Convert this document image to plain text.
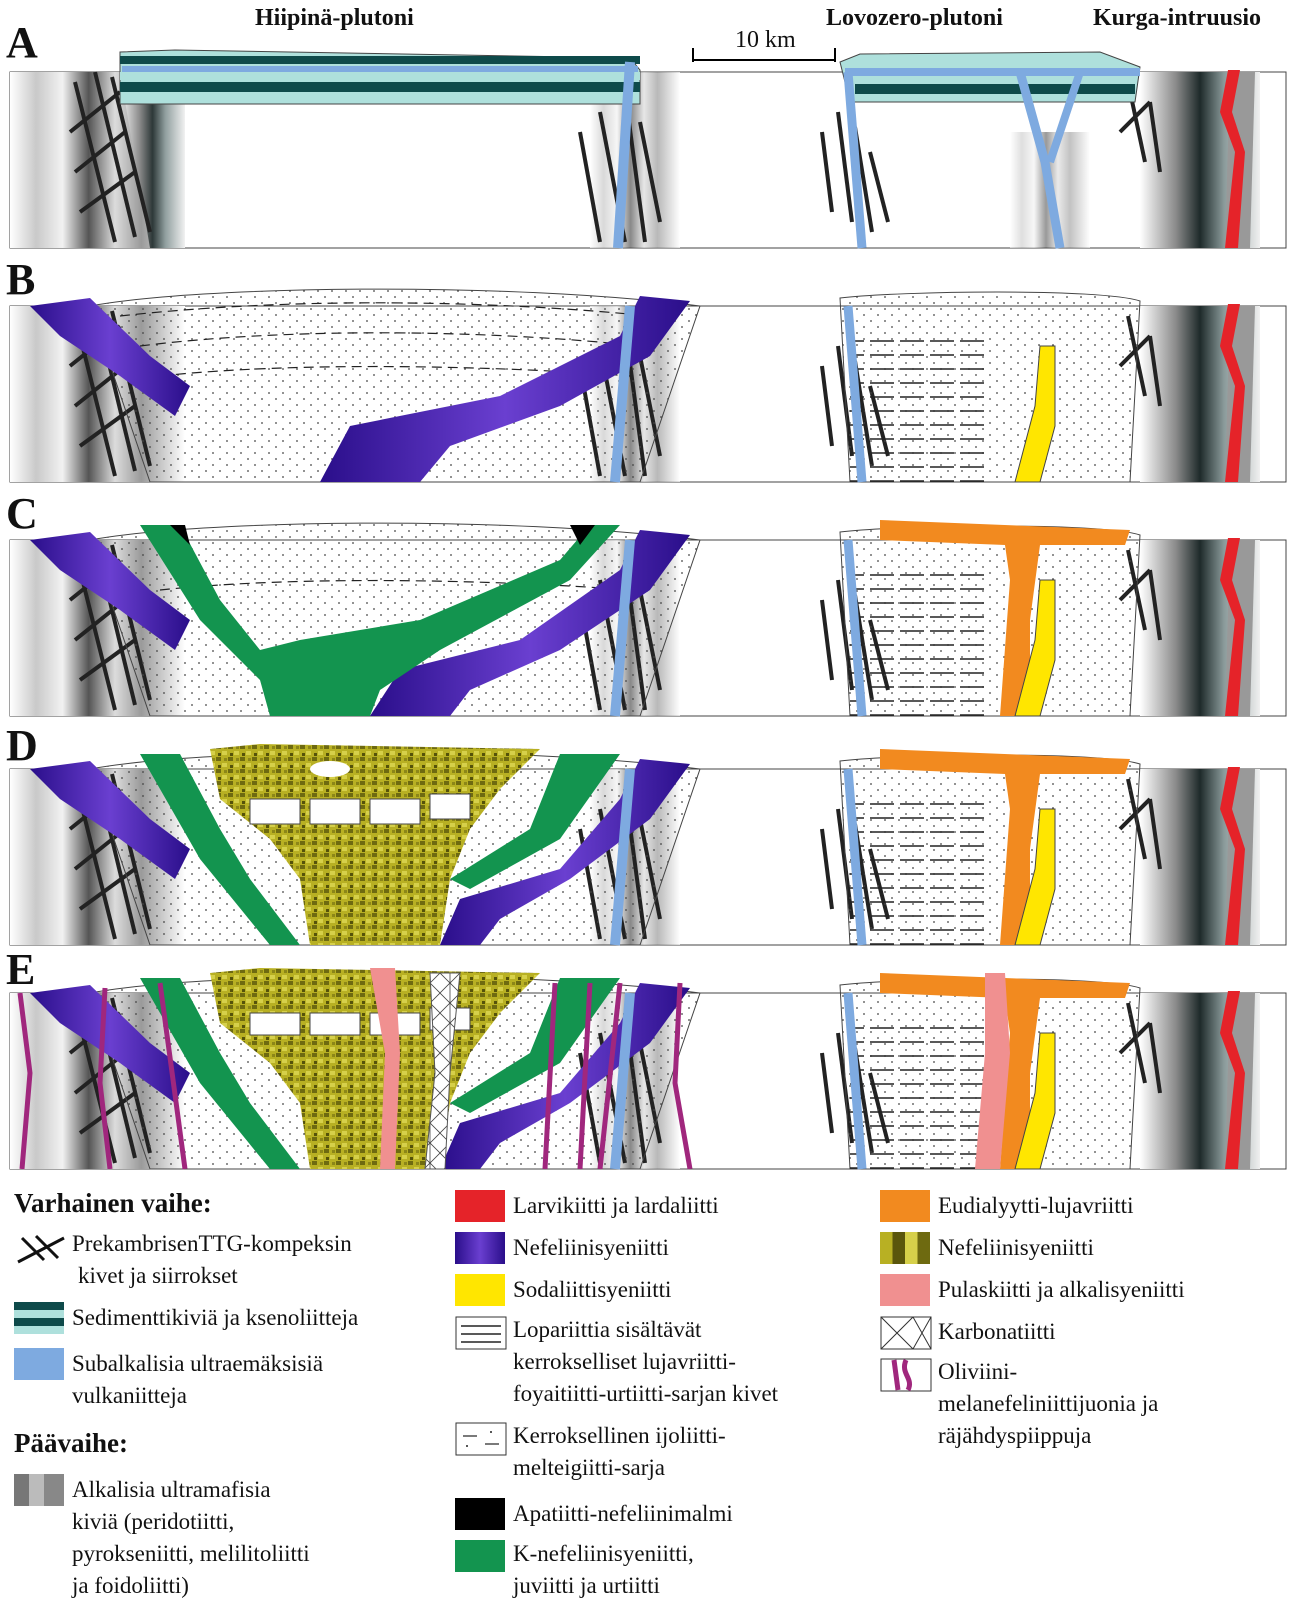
Hiipinä-plutoni	Lovozero-plutoni	Kurga-intruusio
10 km
A
B
C
D
E
Varhainen vaihe:
PrekambrisenTTG-kompeksin
kivet ja siirrokset
Sedimenttikiviä ja ksenoliitteja
Subalkalisia ultraemäksisiä
vulkaniitteja
Päävaihe:
Alkalisia ultramafisia
kiviä (peridotiitti,
pyrokseniitti, melilitoliitti
ja foidoliitti)
Larvikiitti ja lardaliitti
Nefeliinisyeniitti
Sodaliittisyeniitti
Lopariittia sisältävät
kerrokselliset lujavriitti-
foyaitiitti-urtiitti-sarjan kivet
Kerroksellinen ijoliitti-
melteigiitti-sarja
Apatiitti-nefeliinimalmi
K-nefeliinisyeniitti,
juviitti ja urtiitti
Eudialyytti-lujavriitti
Nefeliinisyeniitti
Pulaskiitti ja alkalisyeniitti
Karbonatiitti
Oliviini-
melanefeliniittijuonia ja
räjähdyspiippuja
